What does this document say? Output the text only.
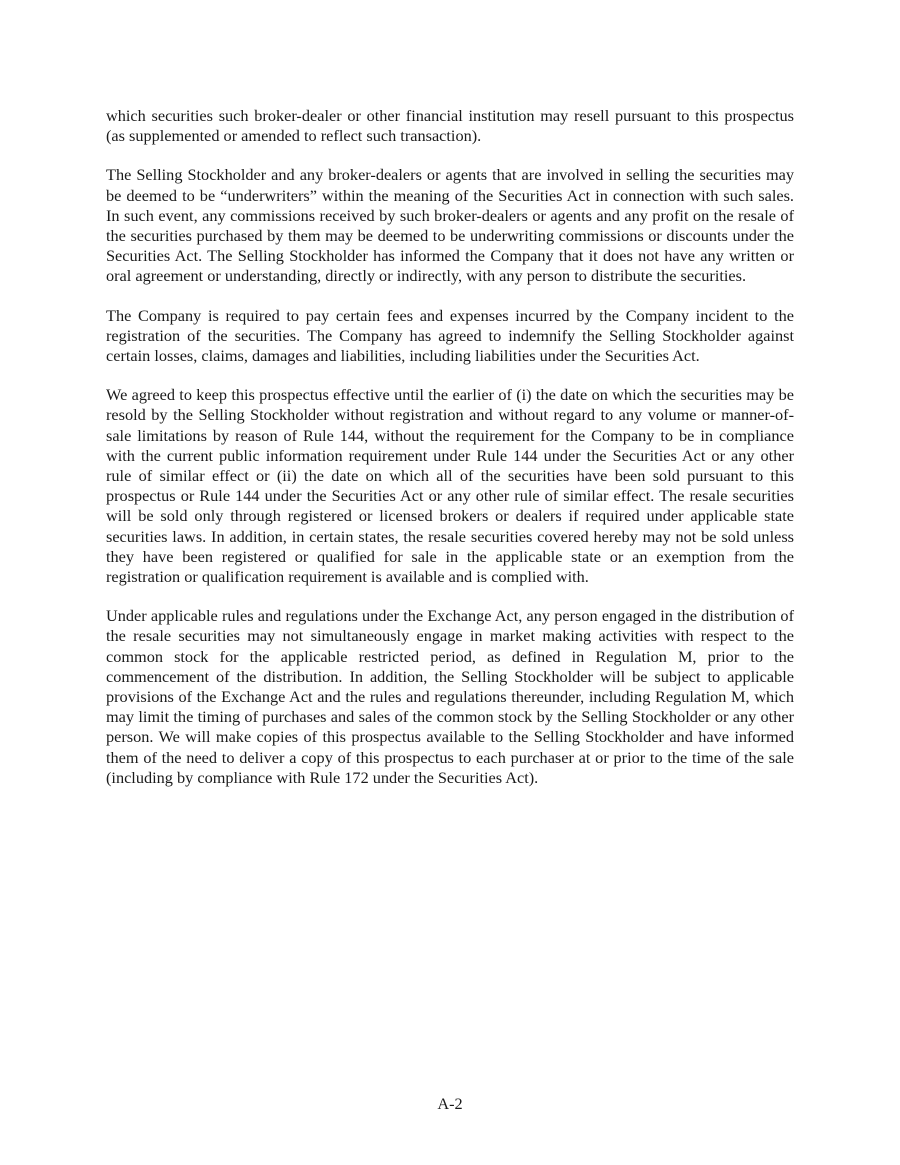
which securities such broker-dealer or other financial institution may resell pursuant to this prospectus (as supplemented or amended to reflect such transaction).

The Selling Stockholder and any broker-dealers or agents that are involved in selling the securities may be deemed to be “underwriters” within the meaning of the Securities Act in connection with such sales. In such event, any commissions received by such broker-dealers or agents and any profit on the resale of the securities purchased by them may be deemed to be underwriting commissions or discounts under the Securities Act. The Selling Stockholder has informed the Company that it does not have any written or oral agreement or understanding, directly or indirectly, with any person to distribute the securities.

The Company is required to pay certain fees and expenses incurred by the Company incident to the registration of the securities. The Company has agreed to indemnify the Selling Stockholder against certain losses, claims, damages and liabilities, including liabilities under the Securities Act.

We agreed to keep this prospectus effective until the earlier of (i) the date on which the securities may be resold by the Selling Stockholder without registration and without regard to any volume or manner-of-sale limitations by reason of Rule 144, without the requirement for the Company to be in compliance with the current public information requirement under Rule 144 under the Securities Act or any other rule of similar effect or (ii) the date on which all of the securities have been sold pursuant to this prospectus or Rule 144 under the Securities Act or any other rule of similar effect. The resale securities will be sold only through registered or licensed brokers or dealers if required under applicable state securities laws. In addition, in certain states, the resale securities covered hereby may not be sold unless they have been registered or qualified for sale in the applicable state or an exemption from the registration or qualification requirement is available and is complied with.

Under applicable rules and regulations under the Exchange Act, any person engaged in the distribution of the resale securities may not simultaneously engage in market making activities with respect to the common stock for the applicable restricted period, as defined in Regulation M, prior to the commencement of the distribution. In addition, the Selling Stockholder will be subject to applicable provisions of the Exchange Act and the rules and regulations thereunder, including Regulation M, which may limit the timing of purchases and sales of the common stock by the Selling Stockholder or any other person. We will make copies of this prospectus available to the Selling Stockholder and have informed them of the need to deliver a copy of this prospectus to each purchaser at or prior to the time of the sale (including by compliance with Rule 172 under the Securities Act).

A-2
